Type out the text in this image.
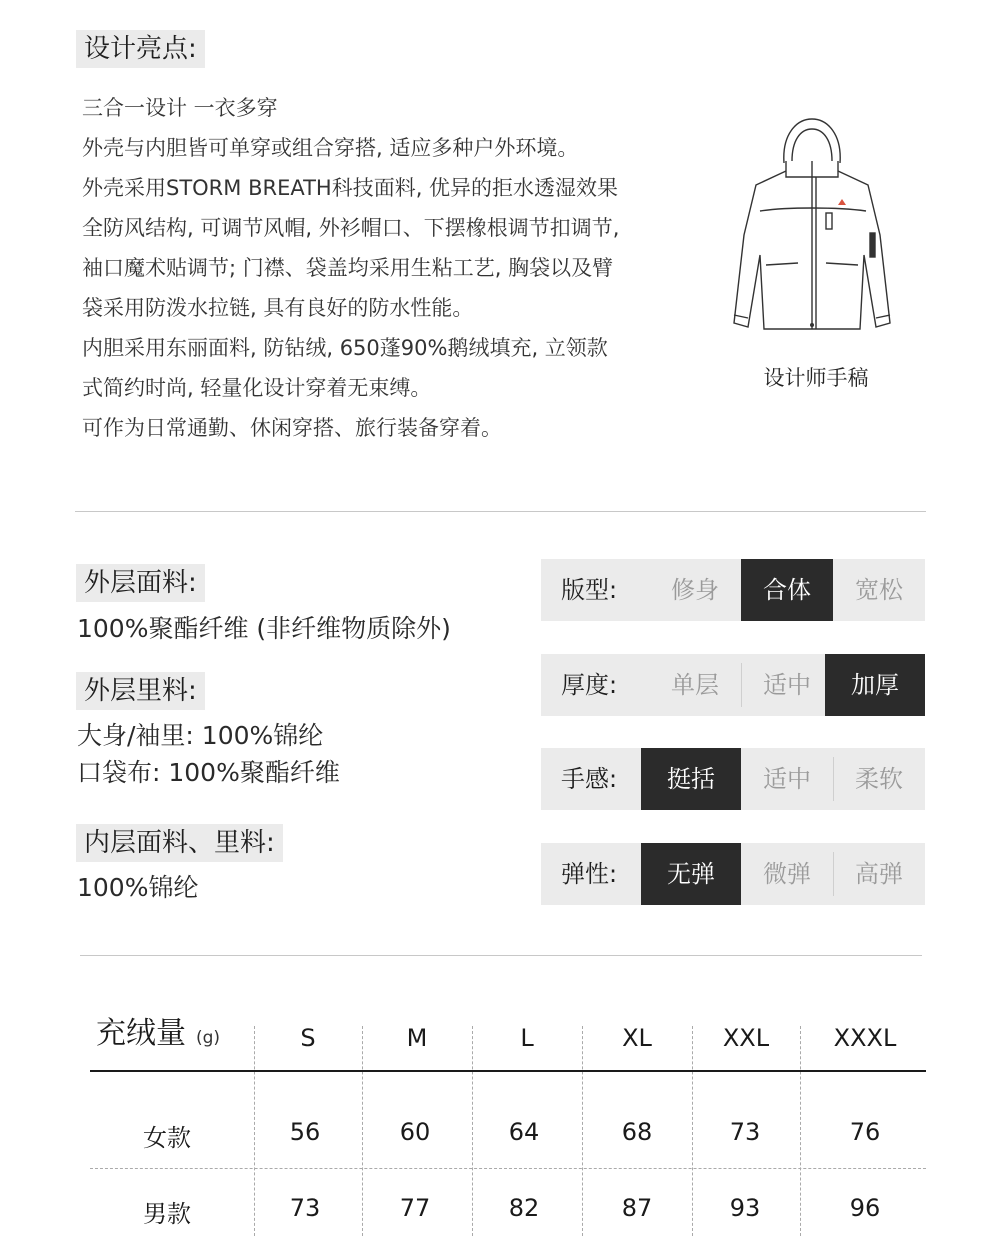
设计亮点:

三合一设计 一衣多穿

外壳与内胆皆可单穿或组合穿搭, 适应多种户外环境。

外壳采用STORM BREATH科技面料, 优异的拒水透湿效果

全防风结构, 可调节风帽, 外衫帽口、下摆橡根调节扣调节,

袖口魔术贴调节; 门襟、袋盖均采用生粘工艺, 胸袋以及臂

袋采用防泼水拉链, 具有良好的防水性能。

内胆采用东丽面料, 防钻绒, 650蓬90%鹅绒填充, 立领款

式简约时尚, 轻量化设计穿着无束缚。

可作为日常通勤、休闲穿搭、旅行装备穿着。

设计师手稿
外层面料:
100%聚酯纤维 (非纤维物质除外)
外层里料:
大身/袖里: 100%锦纶
口袋布: 100%聚酯纤维
内层面料、里料:
100%锦纶
版型:	修身	合体	宽松
厚度:	单层	适中	加厚
手感:	挺括	适中	柔软
弹性:	无弹	微弹	高弹
充绒量 (g)	S	M	L	XL	XXL	XXXL
女款	56	60	64	68	73	76
男款	73	77	82	87	93	96
